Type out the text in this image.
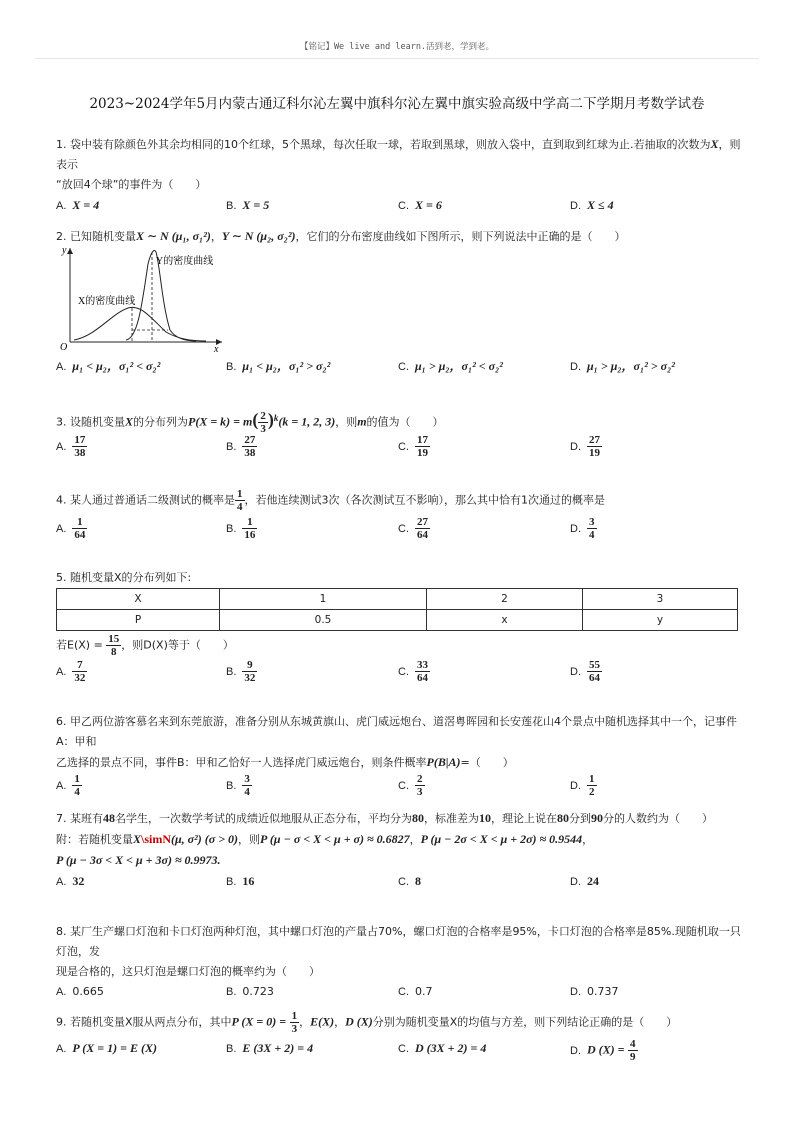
【铭记】We live and learn.活到老，学到老。
2023~2024学年5月内蒙古通辽科尔沁左翼中旗科尔沁左翼中旗实验高级中学高二下学期月考数学试卷
1. 袋中装有除颜色外其余均相同的10个红球，5个黑球，每次任取一球，若取到黑球，则放入袋中，直到取到红球为止.若抽取的次数为X，则表示
“放回4个球”的事件为（　　）
A. X = 4	B. X = 5	C. X = 6	D. X ≤ 4
2. 已知随机变量X ∼ N (μ₁, σ₁²)，Y ∼ N (μ₂, σ₂²)，它们的分布密度曲线如下图所示，则下列说法中正确的是（　　）
y
x
O
Y的密度曲线
X的密度曲线
A. μ₁ < μ₂，σ₁² < σ₂²	B. μ₁ < μ₂，σ₁² > σ₂²	C. μ₁ > μ₂，σ₁² < σ₂²	D. μ₁ > μ₂，σ₁² > σ₂²
3. 设随机变量X的分布列为$P(X = k) = m( \frac{2}{3} )^k(k = 1$, 2, 3)，则m的值为（　　）
A. $\frac{17}{38}$	B. $\frac{27}{38}$	C. $\frac{17}{19}$	D. $\frac{27}{19}$
4. 某人通过普通话二级测试的概率是 $\frac{1}{4}$ ，若他连续测试3次（各次测试互不影响），那么其中恰有1次通过的概率是
A. $\frac{1}{64}$	B. $\frac{1}{16}$	C. $\frac{27}{64}$	D. $\frac{3}{4}$
5. 随机变量X的分布列如下:
X	1	2	3
P	0.5	x	y
若$E(X) = \frac{15}{8}$ ，则D(X)等于（　　）
A. $\frac{7}{32}$	B. $\frac{9}{32}$	C. $\frac{33}{64}$	D. $\frac{55}{64}$
6. 甲乙两位游客慕名来到东莞旅游，准备分别从东城黄旗山、虎门威远炮台、道滘粤晖园和长安莲花山4个景点中随机选择其中一个，记事件A：甲和
乙选择的景点不同，事件B：甲和乙恰好一人选择虎门威远炮台，则条件概率P(B|A)=（　　）
A. $\frac{1}{4}$	B. $\frac{3}{4}$	C. $\frac{2}{3}$	D. $\frac{1}{2}$
7. 某班有48名学生，一次数学考试的成绩近似地服从正态分布，平均分为80，标准差为10，理论上说在80分到90分的人数约为（　　）
附：若随机变量X\simN(μ, σ²) (σ > 0)，则P (μ − σ < X < μ + σ) ≈ 0.6827，P (μ − 2σ < X < μ + 2σ) ≈ 0.9544，
P (μ − 3σ < X < μ + 3σ) ≈ 0.9973.
A. 32	B. 16	C. 8	D. 24
8. 某厂生产螺口灯泡和卡口灯泡两种灯泡，其中螺口灯泡的产量占70%，螺口灯泡的合格率是95%，卡口灯泡的合格率是85%.现随机取一只灯泡，发
现是合格的，这只灯泡是螺口灯泡的概率约为（　　）
A. 0.665	B. 0.723	C. 0.7	D. 0.737
9. 若随机变量X服从两点分布，其中P $(X = 0) = \frac{1}{3}$ ，E(X)，D (X)分别为随机变量X的均值与方差，则下列结论正确的是（　　）
A. P (X = 1) = E (X)	B. E (3X + 2) = 4	C. D (3X + 2) = 4	D. D $(X) = \frac{4}{9}$
